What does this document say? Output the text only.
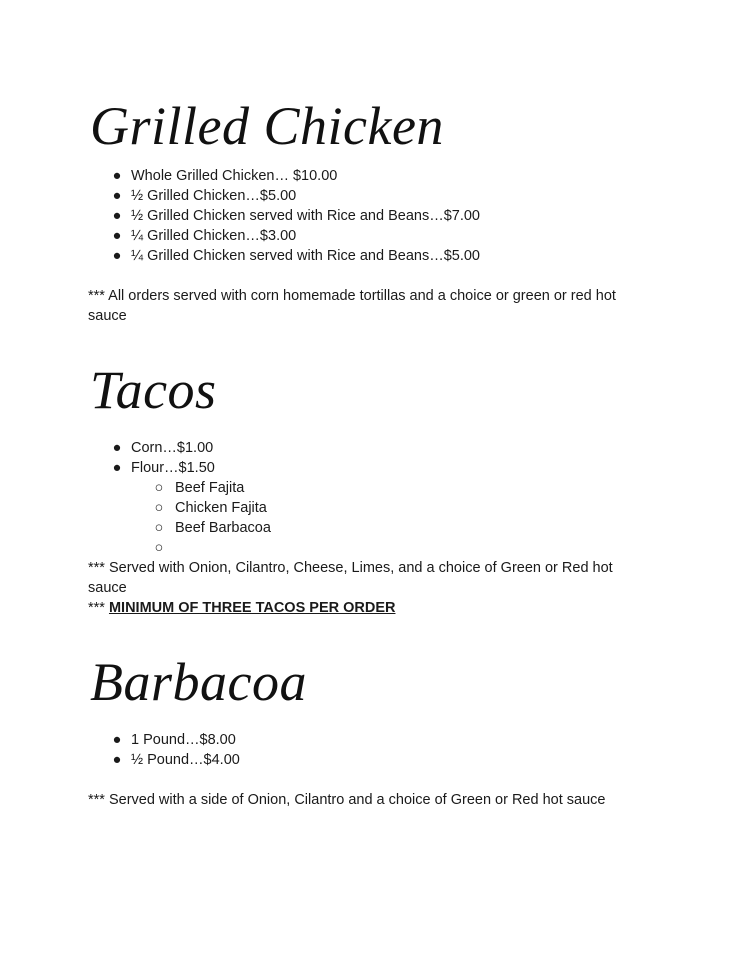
Grilled Chicken
● Whole Grilled Chicken… $10.00
● ½ Grilled Chicken…$5.00
● ½ Grilled Chicken served with Rice and Beans…$7.00
● ¼ Grilled Chicken…$3.00
● ¼ Grilled Chicken served with Rice and Beans…$5.00

*** All orders served with corn homemade tortillas and a choice or green or red hot sauce

Tacos
● Corn…$1.00
● Flour…$1.50
○ Beef Fajita
○ Chicken Fajita
○ Beef Barbacoa
○

*** Served with Onion, Cilantro, Cheese, Limes, and a choice of Green or Red hot sauce

*** MINIMUM OF THREE TACOS PER ORDER

Barbacoa
● 1 Pound…$8.00
● ½ Pound…$4.00

*** Served with a side of Onion, Cilantro and a choice of Green or Red hot sauce
